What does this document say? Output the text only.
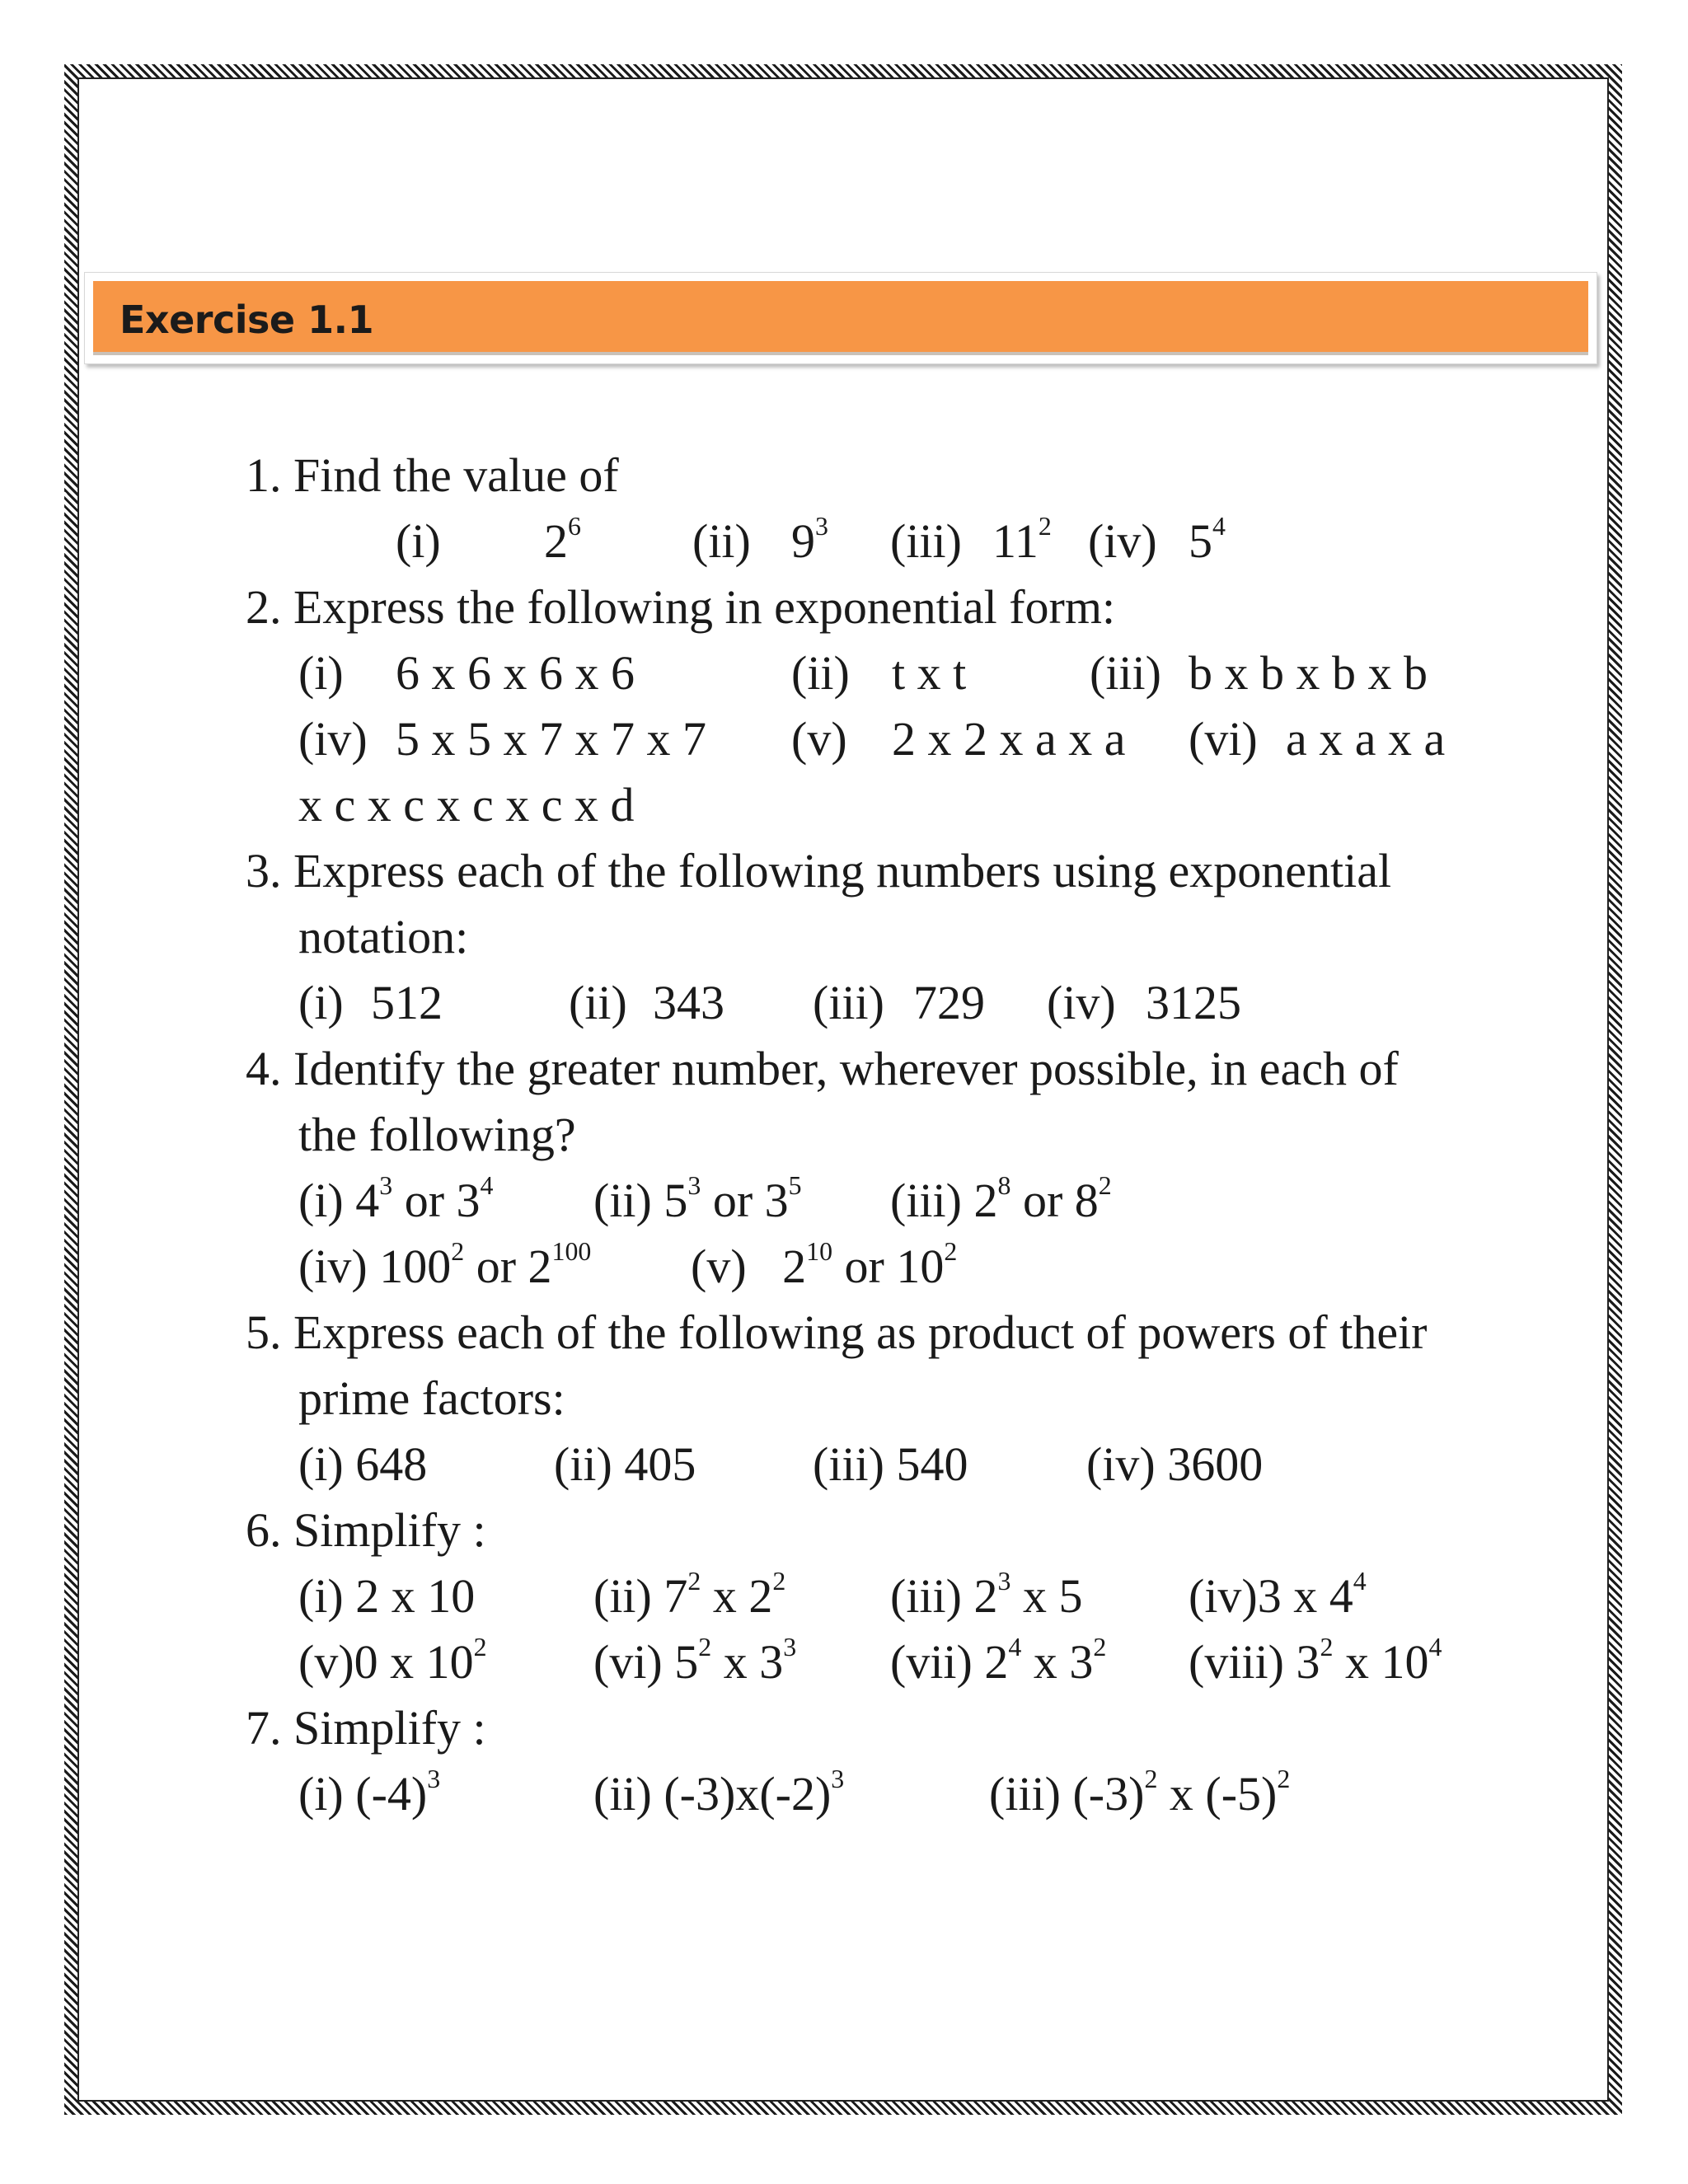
Exercise 1.1
1. Find the value of
(i) $2^6$ (ii) $9^3$ (iii) $11^2$ (iv) $5^4$
2. Express the following in exponential form:
(i) 6 x 6 x 6 x 6	(ii) t x t	(iii) b x b x b x b
(iv) 5 x 5 x 7 x 7 x 7 (v) 2 x 2 x a x a (vi) a x a x a
x c x c x c x c x d
3. Express each of the following numbers using exponential
notation:
(i) 512	(ii) 343 (iii) 729 (iv) 3125
4. Identify the greater number, wherever possible, in each of
the following?
(i) $4^3$ or $3^4$ (ii) $5^3$ or $3^5$ (iii) $2^8$ or $8^2$
(iv) $100^2$ or $2^{100}$ (v) $2^{10}$ or $10^2$
5. Express each of the following as product of powers of their
prime factors:
(i) 648	(ii) 405 (iii) 540 (iv) 3600
6. Simplify :
(i) 2 x 10 (ii) $7^2$ x $2^2$ (iii) $2^3$ x 5 (iv)3 x $4^4$
(v)0 x $10^2$ (vi) $5^2$ x $3^3$ (vii) $2^4$ x $3^2$ (viii) $3^2$ x $10^4$
7. Simplify :
(i) $(-4)^3$	(ii) $(-3)x(-2)^3$	(iii) $(-3)^2$ x $(-5)^2$
